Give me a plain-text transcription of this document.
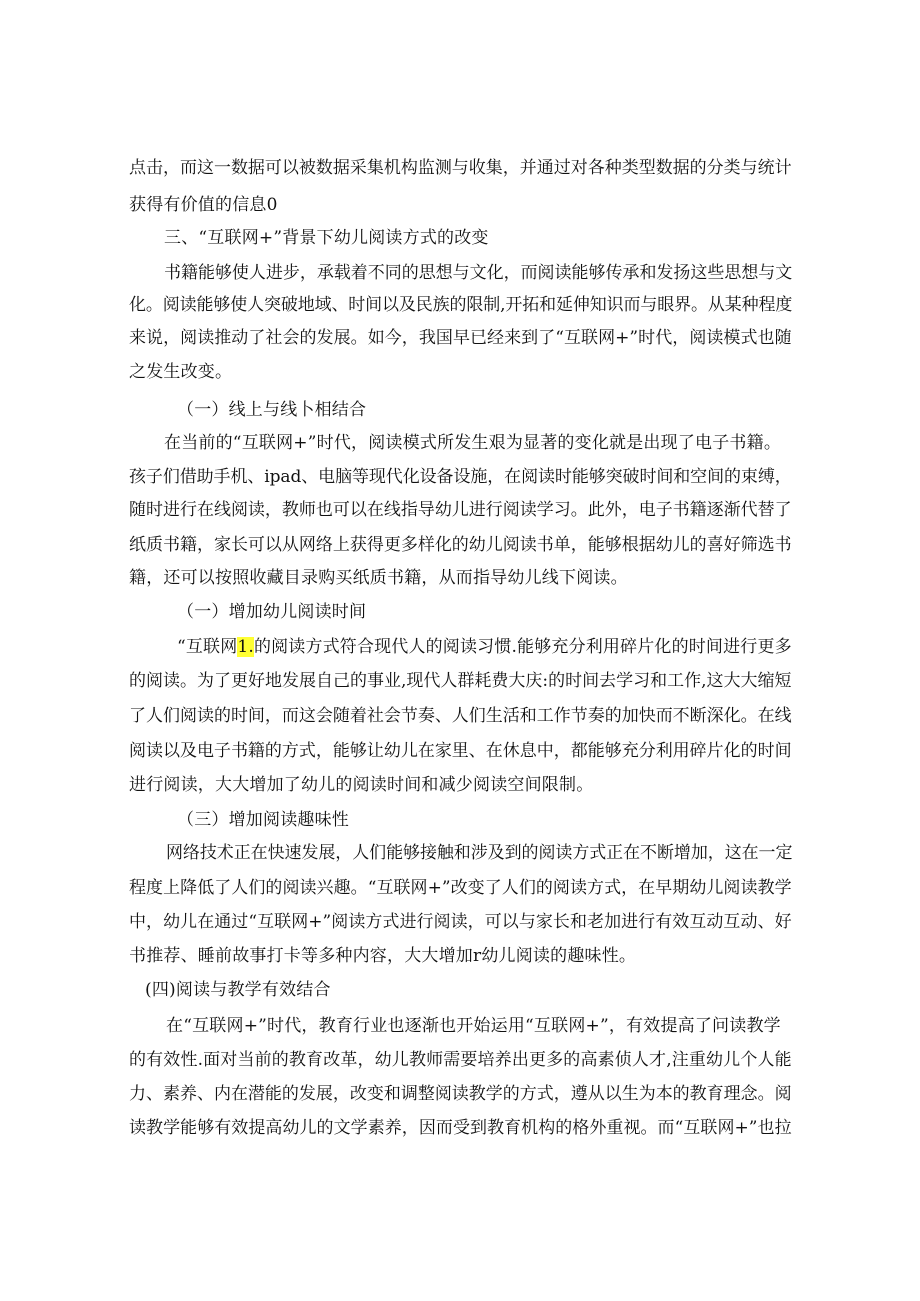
点击，而这一数据可以被数据采集机构监测与收集，并通过对各种类型数据的分类与统计

获得有价值的信息0

三、“互联网+”背景下幼儿阅读方式的改变

书籍能够使人进步，承载着不同的思想与文化，而阅读能够传承和发扬这些思想与文

化。阅读能够使人突破地域、时间以及民族的限制,开拓和延伸知识而与眼界。从某种程度

来说，阅读推动了社会的发展。如今，我国早已经来到了“互联网+”时代，阅读模式也随

之发生改变。

（一）线上与线卜相结合

在当前的“互联网+”时代，阅读模式所发生艰为显著的变化就是出现了电子书籍。

孩子们借助手机、ipad、电脑等现代化设备设施，在阅读时能够突破时间和空间的束缚，

随时进行在线阅读，教师也可以在线指导幼儿进行阅读学习。此外，电子书籍逐渐代替了

纸质书籍，家长可以从网络上获得更多样化的幼儿阅读书单，能够根据幼儿的喜好筛选书

籍，还可以按照收藏目录购买纸质书籍，从而指导幼儿线下阅读。

（一）增加幼儿阅读时间

“互联网1.的阅读方式符合现代人的阅读习惯.能够充分利用碎片化的时间进行更多

的阅读。为了更好地发展自己的事业,现代人群耗费大庆:的时间去学习和工作,这大大缩短

了人们阅读的时间，而这会随着社会节奏、人们生活和工作节奏的加快而不断深化。在线

阅读以及电子书籍的方式，能够让幼儿在家里、在休息中，都能够充分利用碎片化的时间

进行阅读，大大增加了幼儿的阅读时间和减少阅读空间限制。

（三）增加阅读趣味性

网络技术正在快速发展，人们能够接触和涉及到的阅读方式正在不断增加，这在一定

程度上降低了人们的阅读兴趣。“互联网+”改变了人们的阅读方式，在早期幼儿阅读教学

中，幼儿在通过“互联网+”阅读方式进行阅读，可以与家长和老加进行有效互动互动、好

书推荐、睡前故事打卡等多种内容，大大增加r幼儿阅读的趣味性。

(四)阅读与教学有效结合

在“互联网+”时代，教育行业也逐渐也开始运用“互联网+”，有效提高了问读教学

的有效性.面对当前的教育改革，幼儿教师需要培养出更多的高素侦人才,注重幼儿个人能

力、素养、内在潜能的发展，改变和调整阅读教学的方式，遵从以生为本的教育理念。阅

读教学能够有效提高幼儿的文学素养，因而受到教育机构的格外重视。而“互联网+”也拉
